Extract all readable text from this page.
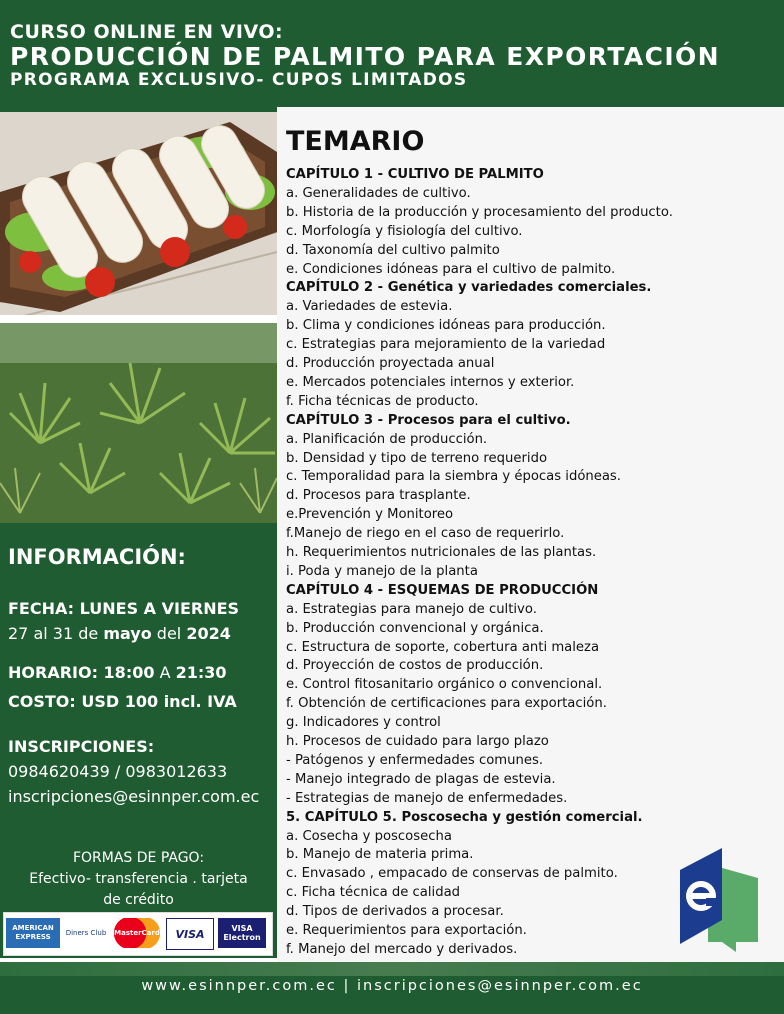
CURSO ONLINE EN VIVO:
PRODUCCIÓN DE PALMITO PARA EXPORTACIÓN
PROGRAMA EXCLUSIVO- CUPOS LIMITADOS
INFORMACIÓN:
FECHA: LUNES A VIERNES
27 al 31 de mayo del 2024
HORARIO: 18:00 A 21:30
COSTO: USD 100 incl. IVA
INSCRIPCIONES:
0984620439 / 0983012633
inscripciones@esinnper.com.ec
FORMAS DE PAGO:
Efectivo- transferencia . tarjeta
de crédito
AMERICAN EXPRESS
Diners Club MasterCard	VISA	VISA Electron
TEMARIO
CAPÍTULO 1 - CULTIVO DE PALMITO
a. Generalidades de cultivo.
b. Historia de la producción y procesamiento del producto.
c. Morfología y fisiología del cultivo.
d. Taxonomía del cultivo palmito
e. Condiciones idóneas para el cultivo de palmito.
CAPÍTULO 2 - Genética y variedades comerciales.
a. Variedades de estevia.
b. Clima y condiciones idóneas para producción.
c. Estrategias para mejoramiento de la variedad
d. Producción proyectada anual
e. Mercados potenciales internos y exterior.
f. Ficha técnicas de producto.
CAPÍTULO 3 - Procesos para el cultivo.
a. Planificación de producción.
b. Densidad y tipo de terreno requerido
c. Temporalidad para la siembra y épocas idóneas.
d. Procesos para trasplante.
e.Prevención y Monitoreo
f.Manejo de riego en el caso de requerirlo.
h. Requerimientos nutricionales de las plantas.
i. Poda y manejo de la planta
CAPÍTULO 4 - ESQUEMAS DE PRODUCCIÓN
a. Estrategias para manejo de cultivo.
b. Producción convencional y orgánica.
c. Estructura de soporte, cobertura anti maleza
d. Proyección de costos de producción.
e. Control fitosanitario orgánico o convencional.
f. Obtención de certificaciones para exportación.
g. Indicadores y control
h. Procesos de cuidado para largo plazo
- Patógenos y enfermedades comunes.
- Manejo integrado de plagas de estevia.
- Estrategias de manejo de enfermedades.
5. CAPÍTULO 5. Poscosecha y gestión comercial.
a. Cosecha y poscosecha
b. Manejo de materia prima.
c. Envasado , empacado de conservas de palmito.
c. Ficha técnica de calidad
d. Tipos de derivados a procesar.
e. Requerimientos para exportación.
f. Manejo del mercado y derivados.
www.esinnper.com.ec | inscripciones@esinnper.com.ec
